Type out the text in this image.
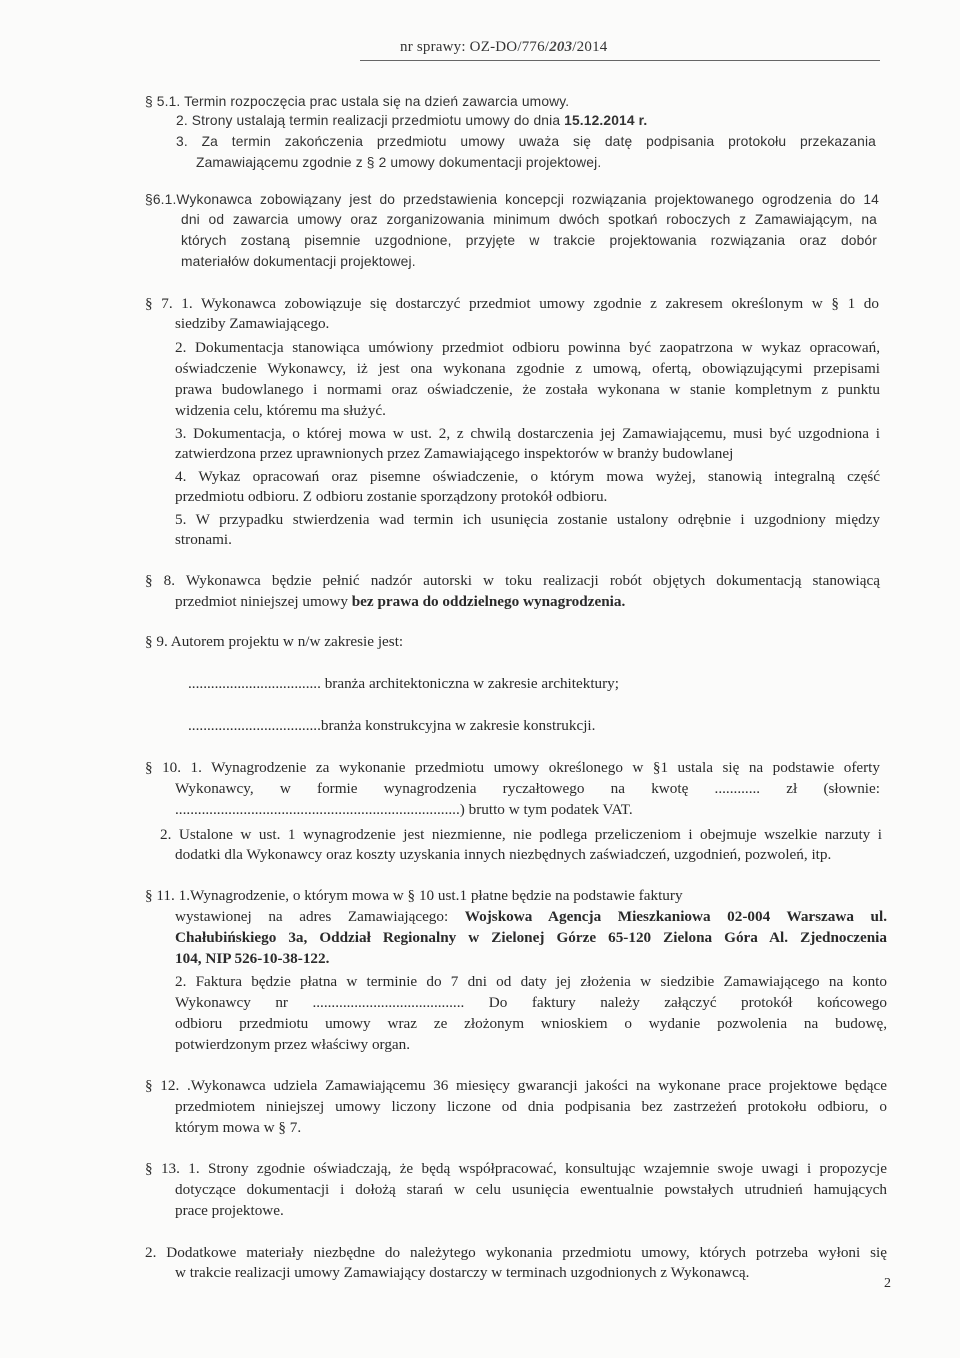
nr sprawy: OZ-DO/776/203/2014
§ 5.1. Termin rozpoczęcia prac ustala się na dzień zawarcia umowy.
2. Strony ustalają termin realizacji przedmiotu umowy do dnia 15.12.2014 r.
3. Za termin zakończenia przedmiotu umowy uważa się datę podpisania protokołu przekazania
Zamawiającemu zgodnie z § 2 umowy dokumentacji projektowej.
§6.1.Wykonawca zobowiązany jest do przedstawienia koncepcji rozwiązania projektowanego ogrodzenia do 14
dni od zawarcia umowy oraz zorganizowania minimum dwóch spotkań roboczych z Zamawiającym, na
których zostaną pisemnie uzgodnione, przyjęte w trakcie projektowania rozwiązania oraz dobór
materiałów dokumentacji projektowej.
§ 7. 1. Wykonawca zobowiązuje się dostarczyć przedmiot umowy zgodnie z zakresem określonym w § 1 do
siedziby Zamawiającego.
2. Dokumentacja stanowiąca umówiony przedmiot odbioru powinna być zaopatrzona w wykaz opracowań,
oświadczenie Wykonawcy, iż jest ona wykonana zgodnie z umową, ofertą, obowiązującymi przepisami
prawa budowlanego i normami oraz oświadczenie, że została wykonana w stanie kompletnym z punktu
widzenia celu, któremu ma służyć.
3. Dokumentacja, o której mowa w ust. 2, z chwilą dostarczenia jej Zamawiającemu, musi być uzgodniona i
zatwierdzona przez uprawnionych przez Zamawiającego inspektorów w branży budowlanej
4. Wykaz opracowań oraz pisemne oświadczenie, o którym mowa wyżej, stanowią integralną część
przedmiotu odbioru. Z odbioru zostanie sporządzony protokół odbioru.
5. W przypadku stwierdzenia wad termin ich usunięcia zostanie ustalony odrębnie i uzgodniony między
stronami.
§ 8. Wykonawca będzie pełnić nadzór autorski w toku realizacji robót objętych dokumentacją stanowiącą
przedmiot niniejszej umowy bez prawa do oddzielnego wynagrodzenia.
§ 9. Autorem projektu w n/w zakresie jest:
................................... branża architektoniczna w zakresie architektury;
...................................branża konstrukcyjna w zakresie konstrukcji.
§ 10. 1. Wynagrodzenie za wykonanie przedmiotu umowy określonego w §1 ustala się na podstawie oferty
Wykonawcy, w formie wynagrodzenia ryczałtowego na kwotę ............ zł (słownie:
...........................................................................) brutto w tym podatek VAT.
2. Ustalone w ust. 1 wynagrodzenie jest niezmienne, nie podlega przeliczeniom i obejmuje wszelkie narzuty i
dodatki dla Wykonawcy oraz koszty uzyskania innych niezbędnych zaświadczeń, uzgodnień, pozwoleń, itp.
§ 11. 1.Wynagrodzenie, o którym mowa w § 10 ust.1 płatne będzie na podstawie faktury
wystawionej na adres Zamawiającego: Wojskowa Agencja Mieszkaniowa 02-004 Warszawa ul.
Chałubińskiego 3a, Oddział Regionalny w Zielonej Górze 65-120 Zielona Góra Al. Zjednoczenia
104, NIP 526-10-38-122.
2. Faktura będzie płatna w terminie do 7 dni od daty jej złożenia w siedzibie Zamawiającego na konto
Wykonawcy nr ........................................ Do faktury należy załączyć protokół końcowego
odbioru przedmiotu umowy wraz ze złożonym wnioskiem o wydanie pozwolenia na budowę,
potwierdzonym przez właściwy organ.
§ 12. .Wykonawca udziela Zamawiającemu 36 miesięcy gwarancji jakości na wykonane prace projektowe będące
przedmiotem niniejszej umowy liczony liczone od dnia podpisania bez zastrzeżeń protokołu odbioru, o
którym mowa w § 7.
§ 13. 1. Strony zgodnie oświadczają, że będą współpracować, konsultując wzajemnie swoje uwagi i propozycje
dotyczące dokumentacji i dołożą starań w celu usunięcia ewentualnie powstałych utrudnień hamujących
prace projektowe.
2. Dodatkowe materiały niezbędne do należytego wykonania przedmiotu umowy, których potrzeba wyłoni się
w trakcie realizacji umowy Zamawiający dostarczy w terminach uzgodnionych z Wykonawcą.
2
